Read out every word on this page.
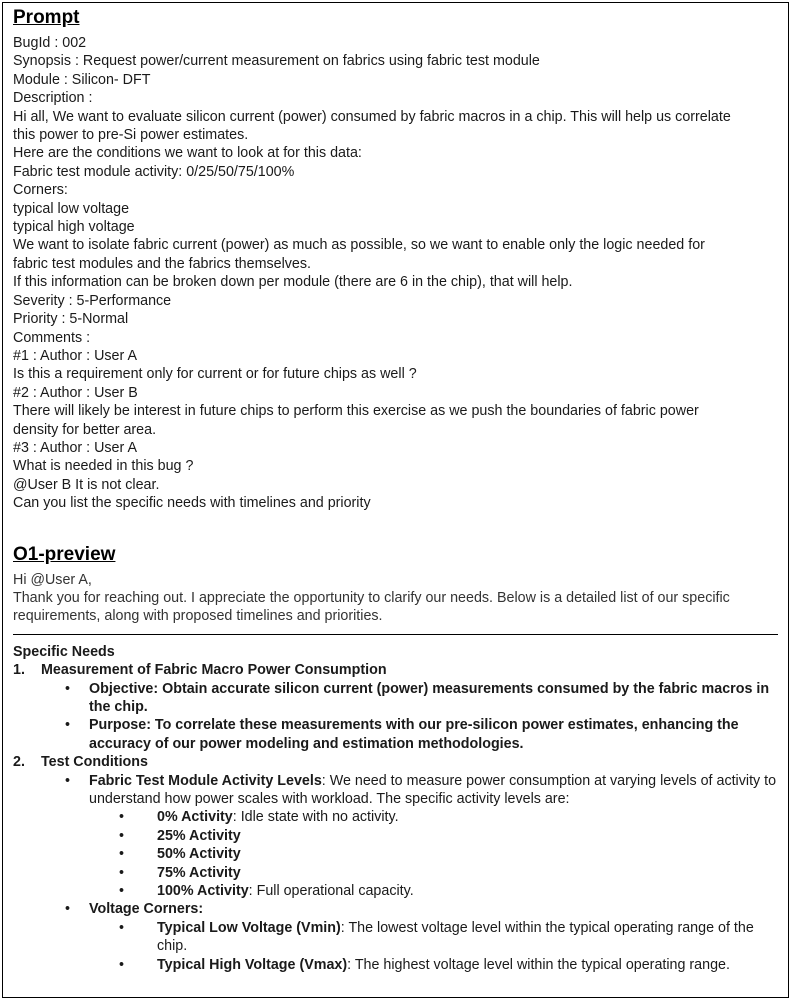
Prompt
BugId : 002
Synopsis : Request power/current measurement on fabrics using fabric test module
Module : Silicon- DFT
Description :
Hi all, We want to evaluate silicon current (power) consumed by fabric macros in a chip. This will help us correlate
this power to pre-Si power estimates.
Here are the conditions we want to look at for this data:
Fabric test module activity: 0/25/50/75/100%
Corners:
typical low voltage
typical high voltage
We want to isolate fabric current (power) as much as possible, so we want to enable only the logic needed for
fabric test modules and the fabrics themselves.
If this information can be broken down per module (there are 6 in the chip), that will help.
Severity : 5-Performance
Priority : 5-Normal
Comments :
#1 : Author : User A
Is this a requirement only for current or for future chips as well ?
#2 : Author : User B
There will likely be interest in future chips to perform this exercise as we push the boundaries of fabric power
density for better area.
#3 : Author : User A
What is needed in this bug ?
@User B It is not clear.
Can you list the specific needs with timelines and priority
O1-preview
Hi @User A,
Thank you for reaching out. I appreciate the opportunity to clarify our needs. Below is a detailed list of our specific
requirements, along with proposed timelines and priorities.
Specific Needs
1.	Measurement of Fabric Macro Power Consumption
•	Objective: Obtain accurate silicon current (power) measurements consumed by the fabric macros in the chip.
•	Purpose: To correlate these measurements with our pre-silicon power estimates, enhancing the accuracy of our power modeling and estimation methodologies.
2.	Test Conditions
•	Fabric Test Module Activity Levels: We need to measure power consumption at varying levels of activity to understand how power scales with workload. The specific activity levels are:
•	0% Activity: Idle state with no activity.
•	25% Activity
•	50% Activity
•	75% Activity
•	100% Activity: Full operational capacity.
•	Voltage Corners:
•	Typical Low Voltage (Vmin): The lowest voltage level within the typical operating range of the chip.
•	Typical High Voltage (Vmax): The highest voltage level within the typical operating range.
